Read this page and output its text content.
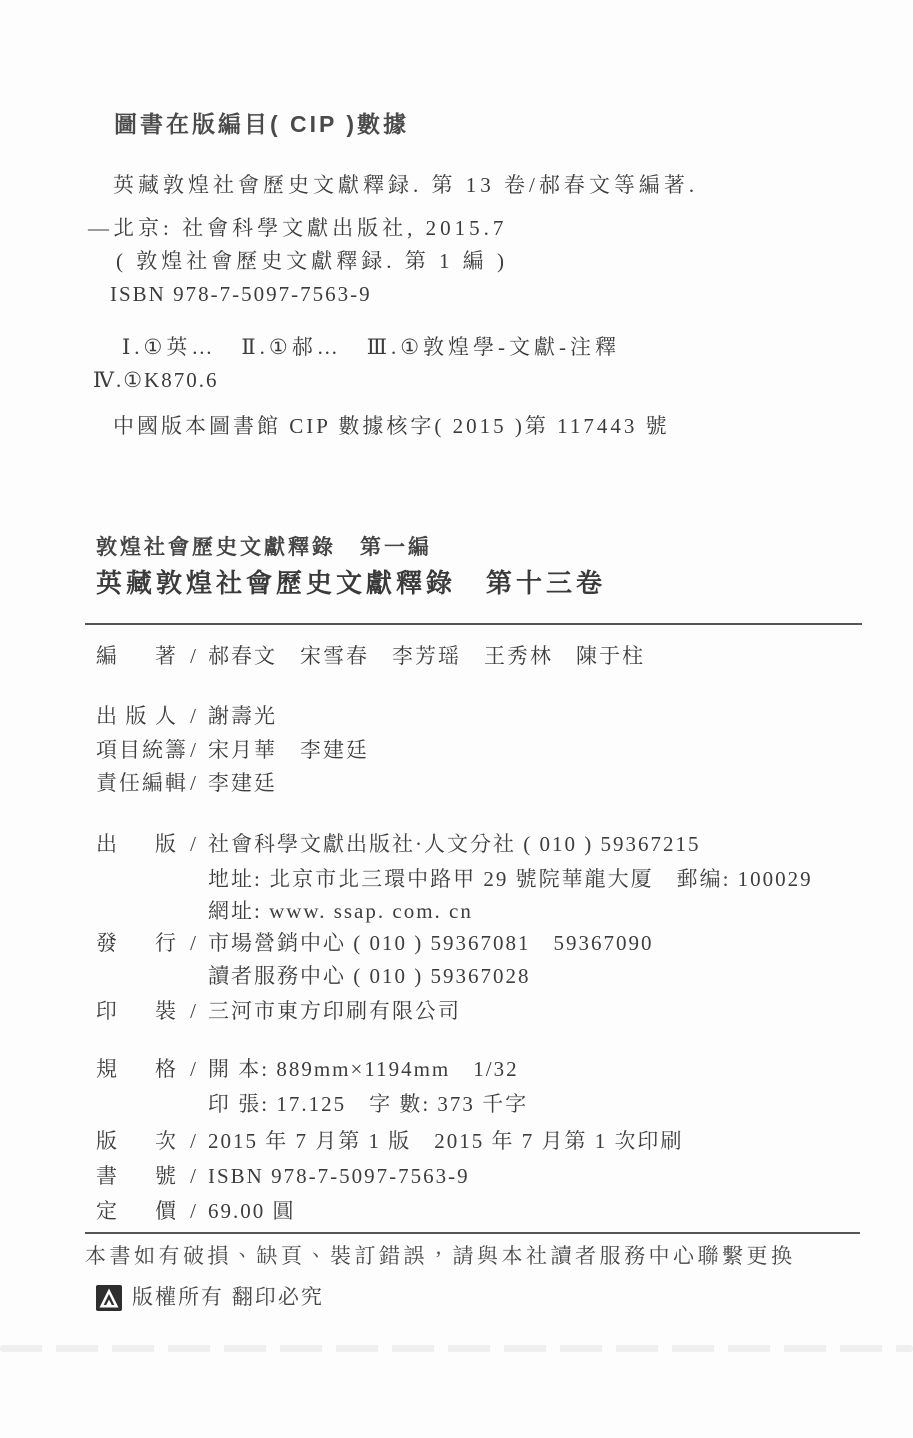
圖書在版編目( CIP )數據
英藏敦煌社會歷史文獻釋録. 第 13 卷/郝春文等編著.
—北京: 社會科學文獻出版社, 2015.7
( 敦煌社會歷史文獻釋録. 第 1 編 )
ISBN 978-7-5097-7563-9
Ⅰ.①英…　Ⅱ.①郝…　Ⅲ.①敦煌學-文獻-注釋
Ⅳ.①K870.6
中國版本圖書館 CIP 數據核字( 2015 )第 117443 號
敦煌社會歷史文獻釋錄　第一編
英藏敦煌社會歷史文獻釋錄　第十三卷
編著 / 郝春文　宋雪春　李芳瑶　王秀林　陳于柱
出版人 / 謝壽光
項目統籌 / 宋月華　李建廷
責任編輯 / 李建廷
出版 / 社會科學文獻出版社·人文分社 ( 010 ) 59367215
地址: 北京市北三環中路甲 29 號院華龍大厦　郵编: 100029
網址: www. ssap. com. cn
發行 / 市場營銷中心 ( 010 ) 59367081　59367090
讀者服務中心 ( 010 ) 59367028
印裝 / 三河市東方印刷有限公司
規格 / 開 本: 889mm×1194mm　1/32
印 張: 17.125　字 數: 373 千字
版次 / 2015 年 7 月第 1 版　2015 年 7 月第 1 次印刷
書號 / ISBN 978-7-5097-7563-9
定價 / 69.00 圓
本書如有破損、缺頁、裝訂錯誤，請與本社讀者服務中心聯繫更换
版權所有 翻印必究
